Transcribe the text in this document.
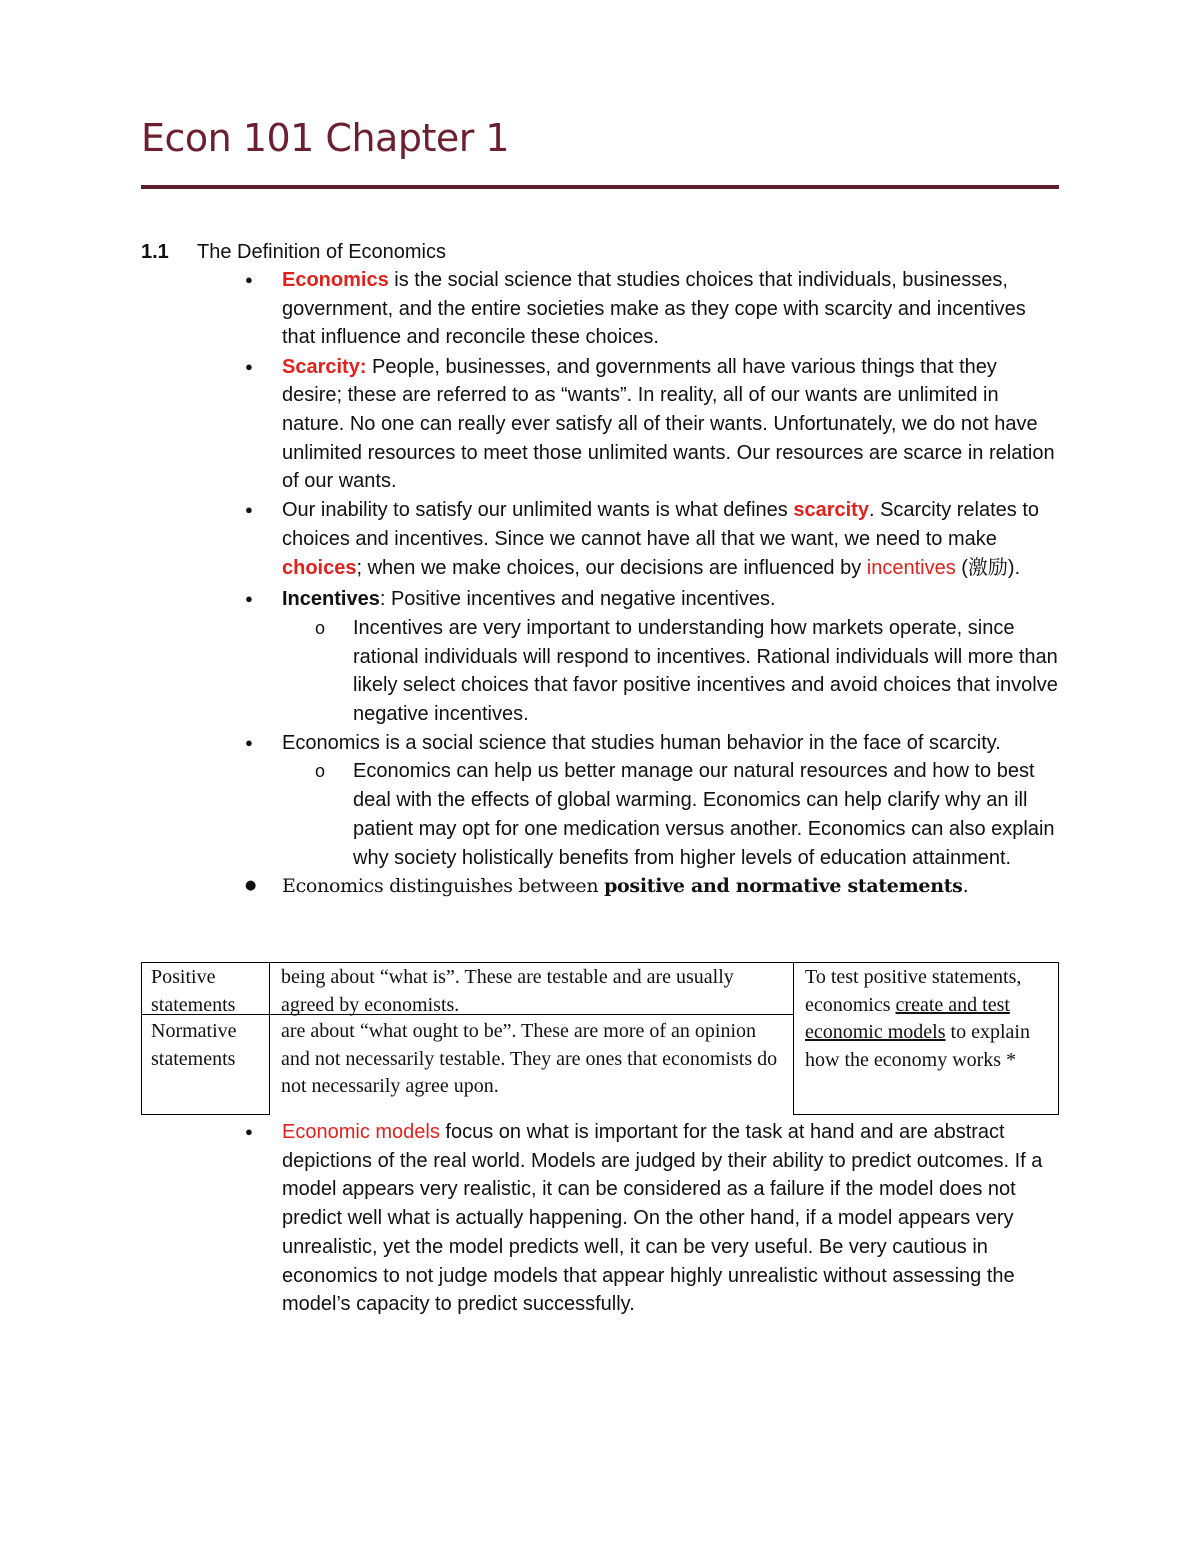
Econ 101 Chapter 1
1.1 The Definition of Economics
● Economics is the social science that studies choices that individuals, businesses, government, and the entire societies make as they cope with scarcity and incentives that influence and reconcile these choices.
● Scarcity: People, businesses, and governments all have various things that they desire; these are referred to as “wants”. In reality, all of our wants are unlimited in nature. No one can really ever satisfy all of their wants. Unfortunately, we do not have unlimited resources to meet those unlimited wants. Our resources are scarce in relation of our wants.
● Our inability to satisfy our unlimited wants is what defines scarcity. Scarcity relates to choices and incentives. Since we cannot have all that we want, we need to make choices; when we make choices, our decisions are influenced by incentives (激励).
● Incentives: Positive incentives and negative incentives.
o Incentives are very important to understanding how markets operate, since rational individuals will respond to incentives. Rational individuals will more than likely select choices that favor positive incentives and avoid choices that involve negative incentives.
● Economics is a social science that studies human behavior in the face of scarcity.
o Economics can help us better manage our natural resources and how to best deal with the effects of global warming. Economics can help clarify why an ill patient may opt for one medication versus another. Economics can also explain why society holistically benefits from higher levels of education attainment.
● Economics distinguishes between positive and normative statements.
Positive statements
being about “what is”. These are testable and are usually agreed by economists.
Normative statements
are about “what ought to be”. These are more of an opinion and not necessarily testable. They are ones that economists do not necessarily agree upon.
To test positive statements, economics create and test economic models to explain how the economy works *
● Economic models focus on what is important for the task at hand and are abstract depictions of the real world. Models are judged by their ability to predict outcomes. If a model appears very realistic, it can be considered as a failure if the model does not predict well what is actually happening. On the other hand, if a model appears very unrealistic, yet the model predicts well, it can be very useful. Be very cautious in economics to not judge models that appear highly unrealistic without assessing the model’s capacity to predict successfully.
